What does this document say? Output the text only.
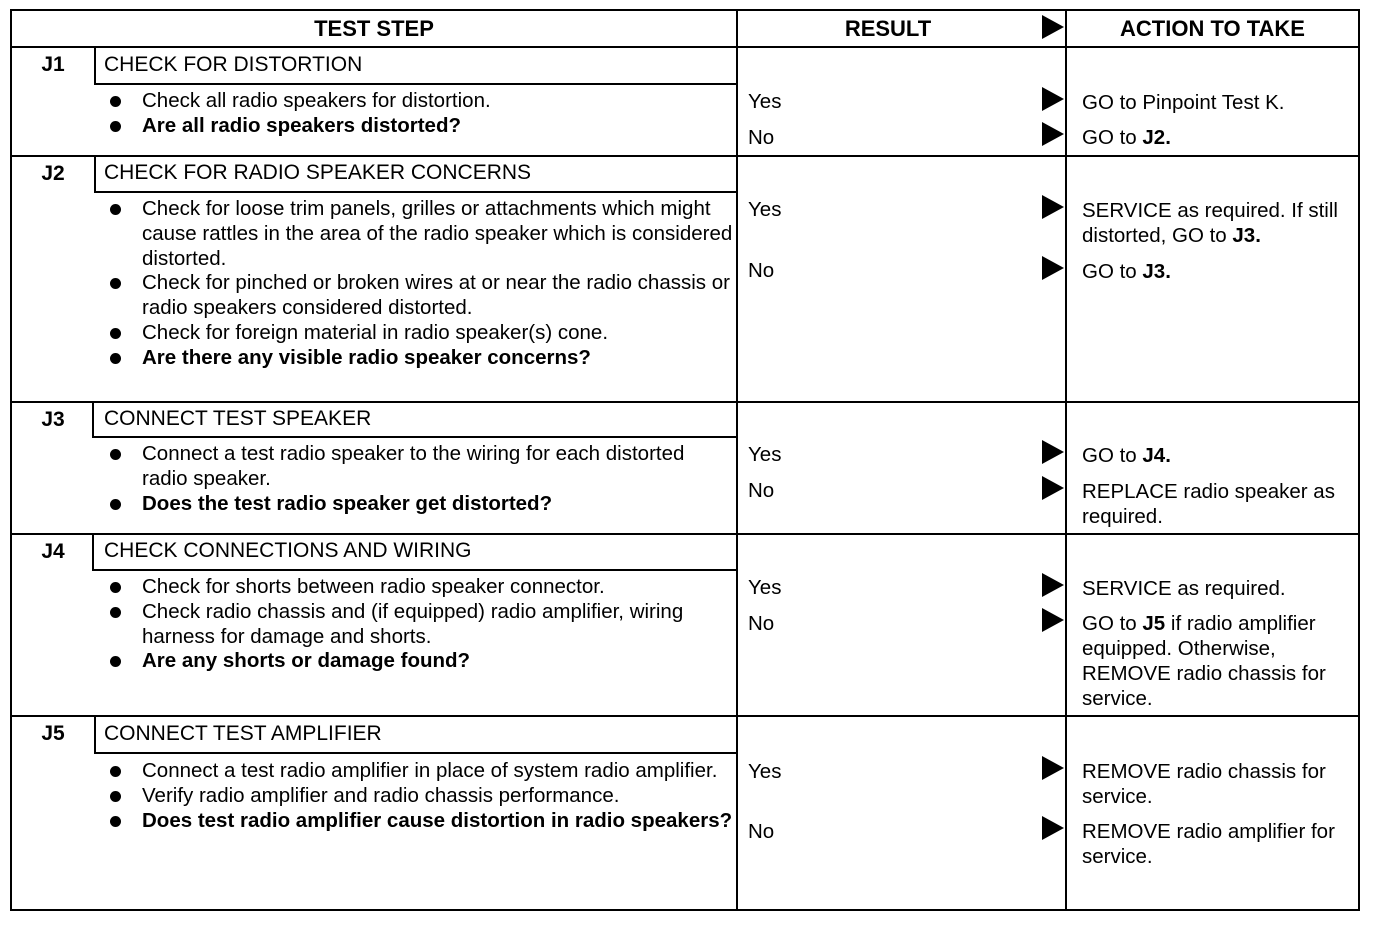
TEST STEP	RESULT	ACTION TO TAKE
J1	CHECK FOR DISTORTION
Check all radio speakers for distortion.
Are all radio speakers distorted?
Yes	GO to Pinpoint Test K.
No	GO to J2.
J2	CHECK FOR RADIO SPEAKER CONCERNS
Check for loose trim panels, grilles or attachments which might cause rattles in the area of the radio speaker which is considered distorted.
Check for pinched or broken wires at or near the radio chassis or radio speakers considered distorted.
Check for foreign material in radio speaker(s) cone.
Are there any visible radio speaker concerns?
Yes	SERVICE as required. If still distorted, GO to J3.
No	GO to J3.
J3	CONNECT TEST SPEAKER
Connect a test radio speaker to the wiring for each distorted radio speaker.
Does the test radio speaker get distorted?
Yes	GO to J4.
No	REPLACE radio speaker as required.
J4	CHECK CONNECTIONS AND WIRING
Check for shorts between radio speaker connector.
Check radio chassis and (if equipped) radio amplifier, wiring harness for damage and shorts.
Are any shorts or damage found?
Yes	SERVICE as required.
No	GO to J5 if radio amplifier equipped. Otherwise, REMOVE radio chassis for service.
J5	CONNECT TEST AMPLIFIER
Connect a test radio amplifier in place of system radio amplifier.
Verify radio amplifier and radio chassis performance.
Does test radio amplifier cause distortion in radio speakers?
Yes	REMOVE radio chassis for service.
No	REMOVE radio amplifier for service.
